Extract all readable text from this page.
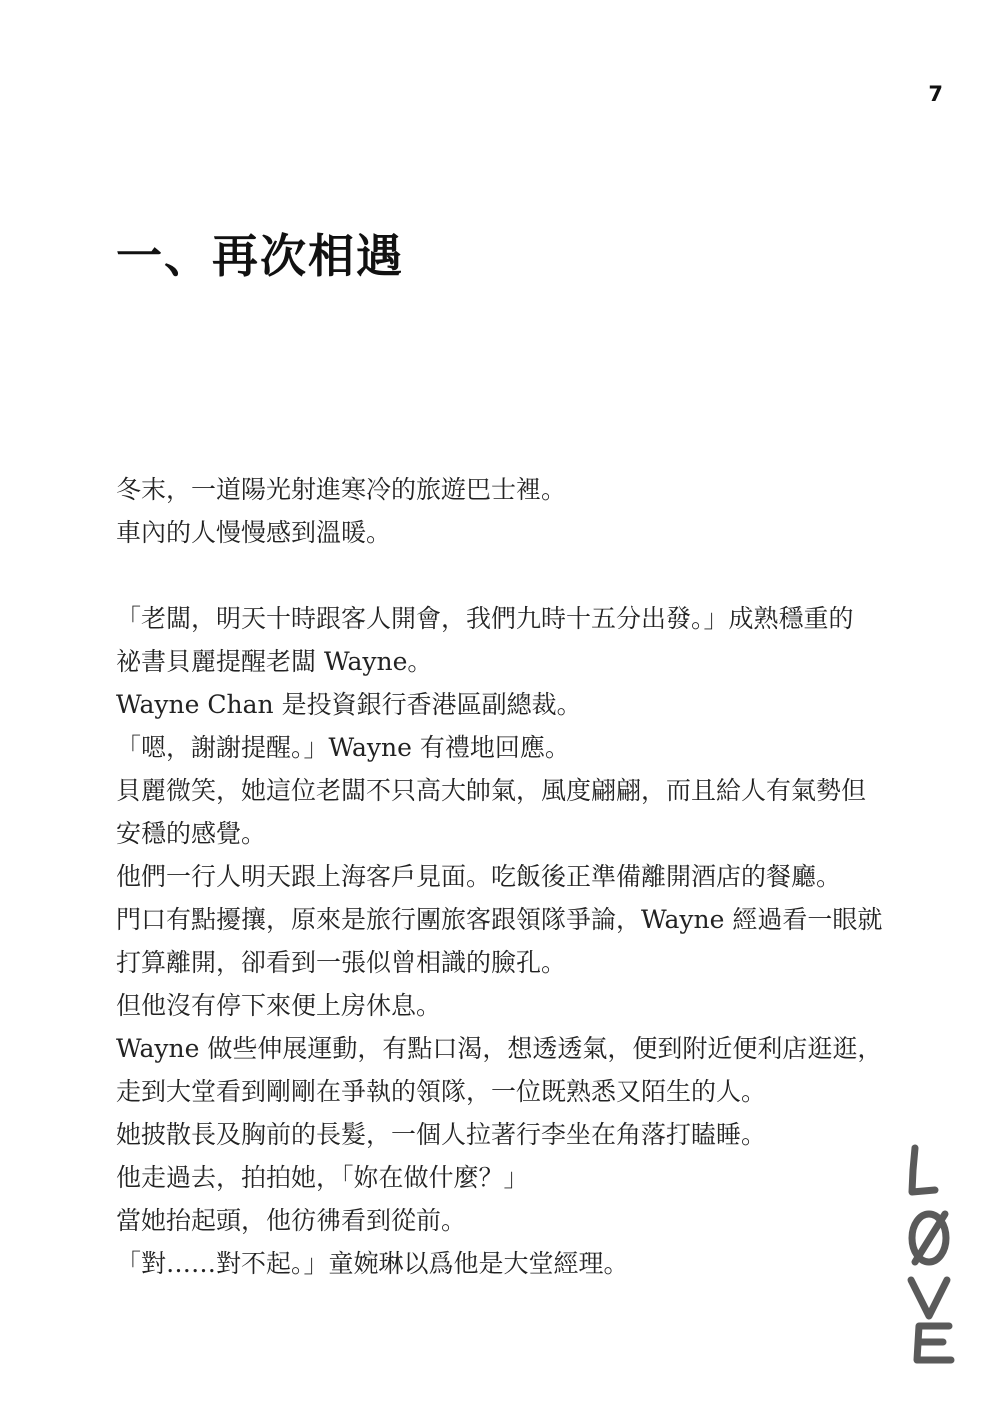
7
一、再次相遇

冬末，一道陽光射進寒冷的旅遊巴士裡。

車內的人慢慢感到溫暖。

「老闆，明天十時跟客人開會，我們九時十五分出發。」成熟穩重的

祕書貝麗提醒老闆 Wayne。

Wayne Chan 是投資銀行香港區副總裁。

「嗯，謝謝提醒。」Wayne 有禮地回應。

貝麗微笑，她這位老闆不只高大帥氣，風度翩翩，而且給人有氣勢但

安穩的感覺。

他們一行人明天跟上海客戶見面。吃飯後正準備離開酒店的餐廳。

門口有點擾攘，原來是旅行團旅客跟領隊爭論，Wayne 經過看一眼就

打算離開，卻看到一張似曾相識的臉孔。

但他沒有停下來便上房休息。

Wayne 做些伸展運動，有點口渴，想透透氣，便到附近便利店逛逛，

走到大堂看到剛剛在爭執的領隊，一位既熟悉又陌生的人。

她披散長及胸前的長髮，一個人拉著行李坐在角落打瞌睡。

他走過去，拍拍她，「妳在做什麼？」

當她抬起頭，他彷彿看到從前。

「對……對不起。」童婉琳以爲他是大堂經理。
